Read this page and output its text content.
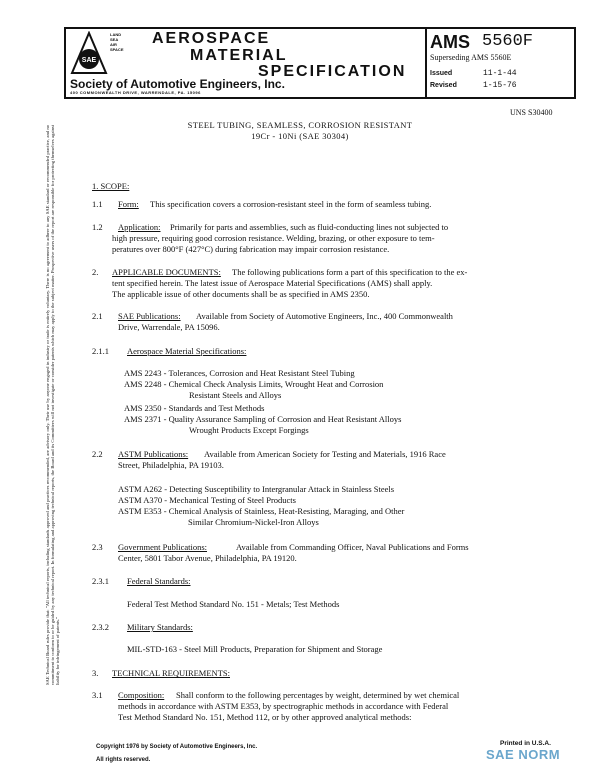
SAE
LAND
SEA
AIR
SPACE
AEROSPACE
MATERIAL
SPECIFICATION
Society of Automotive Engineers, Inc.
400 COMMONWEALTH DRIVE, WARRENDALE, PA. 15096
AMS 5560F
Superseding AMS 5560E
Issued	11-1-44
Revised	1-15-76
UNS S30400
STEEL TUBING, SEAMLESS, CORROSION RESISTANT
19Cr - 10Ni (SAE 30304)
SAE Technical Board rules provide that: "All technical reports, including standards approved and practices recommended, are advisory only. Their use by anyone engaged in industry or trade is entirely voluntary. There is no agreement to adhere to any SAE standard or recommended practice, and no commitment to conform to or be guided by any technical report. In formulating and approving technical reports, the Board and its Committees will not investigate or consider patents which may apply to the subject matter. Prospective users of the report are responsible for protecting themselves against liability for infringement of patents."
1. SCOPE:
1.1 Form: This specification covers a corrosion-resistant steel in the form of seamless tubing.
1.2 Application: Primarily for parts and assemblies, such as fluid-conducting lines not subjected to
high pressure, requiring good corrosion resistance. Welding, brazing, or other exposure to tem-
peratures over 800°F (427°C) during fabrication may impair corrosion resistance.
2. APPLICABLE DOCUMENTS: The following publications form a part of this specification to the ex-
tent specified herein. The latest issue of Aerospace Material Specifications (AMS) shall apply.
The applicable issue of other documents shall be as specified in AMS 2350.
2.1 SAE Publications: Available from Society of Automotive Engineers, Inc., 400 Commonwealth
Drive, Warrendale, PA 15096.
2.1.1 Aerospace Material Specifications:
AMS 2243 - Tolerances, Corrosion and Heat Resistant Steel Tubing
AMS 2248 - Chemical Check Analysis Limits, Wrought Heat and Corrosion
Resistant Steels and Alloys
AMS 2350 - Standards and Test Methods
AMS 2371 - Quality Assurance Sampling of Corrosion and Heat Resistant Alloys
Wrought Products Except Forgings
2.2 ASTM Publications: Available from American Society for Testing and Materials, 1916 Race
Street, Philadelphia, PA 19103.
ASTM A262 - Detecting Susceptibility to Intergranular Attack in Stainless Steels
ASTM A370 - Mechanical Testing of Steel Products
ASTM E353 - Chemical Analysis of Stainless, Heat-Resisting, Maraging, and Other
Similar Chromium-Nickel-Iron Alloys
2.3 Government Publications:	Available from Commanding Officer, Naval Publications and Forms
Center, 5801 Tabor Avenue, Philadelphia, PA 19120.
2.3.1 Federal Standards:
Federal Test Method Standard No. 151 - Metals; Test Methods
2.3.2 Military Standards:
MIL-STD-163 - Steel Mill Products, Preparation for Shipment and Storage
3. TECHNICAL REQUIREMENTS:
3.1 Composition: Shall conform to the following percentages by weight, determined by wet chemical
methods in accordance with ASTM E353, by spectrographic methods in accordance with Federal
Test Method Standard No. 151, Method 112, or by other approved analytical methods:
Copyright 1976 by Society of Automotive Engineers, Inc.
All rights reserved.
Printed in U.S.A.
SAE NORM
